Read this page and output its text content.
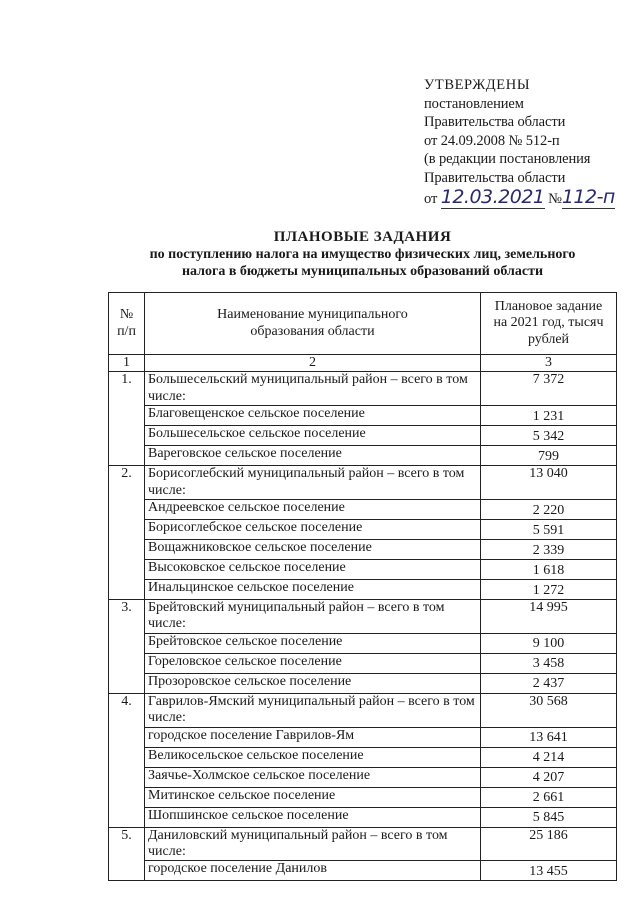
УТВЕРЖДЕНЫ
постановлением
Правительства области
от 24.09.2008 № 512-п
(в редакции постановления
Правительства области
от 12.03.2021 №112-п
ПЛАНОВЫЕ ЗАДАНИЯ
по поступлению налога на имущество физических лиц, земельного
налога в бюджеты муниципальных образований области
№ п/п	Наименование муниципального образования области	Плановое задание на 2021 год, тысяч рублей
1	2	3
1.	Большесельский муниципальный район – всего в том числе:	7 372
	Благовещенское сельское поселение	1 231
	Большесельское сельское поселение	5 342
	Вареговское сельское поселение	799
2.	Борисоглебский муниципальный район – всего в том числе:	13 040
	Андреевское сельское поселение	2 220
	Борисоглебское сельское поселение	5 591
	Вощажниковское сельское поселение	2 339
	Высоковское сельское поселение	1 618
	Инальцинское сельское поселение	1 272
3.	Брейтовский муниципальный район – всего в том числе:	14 995
	Брейтовское сельское поселение	9 100
	Гореловское сельское поселение	3 458
	Прозоровское сельское поселение	2 437
4.	Гаврилов-Ямский муниципальный район – всего в том числе:	30 568
	городское поселение Гаврилов-Ям	13 641
	Великосельское сельское поселение	4 214
	Заячье-Холмское сельское поселение	4 207
	Митинское сельское поселение	2 661
	Шопшинское сельское поселение	5 845
5.	Даниловский муниципальный район – всего в том числе:	25 186
	городское поселение Данилов	13 455
